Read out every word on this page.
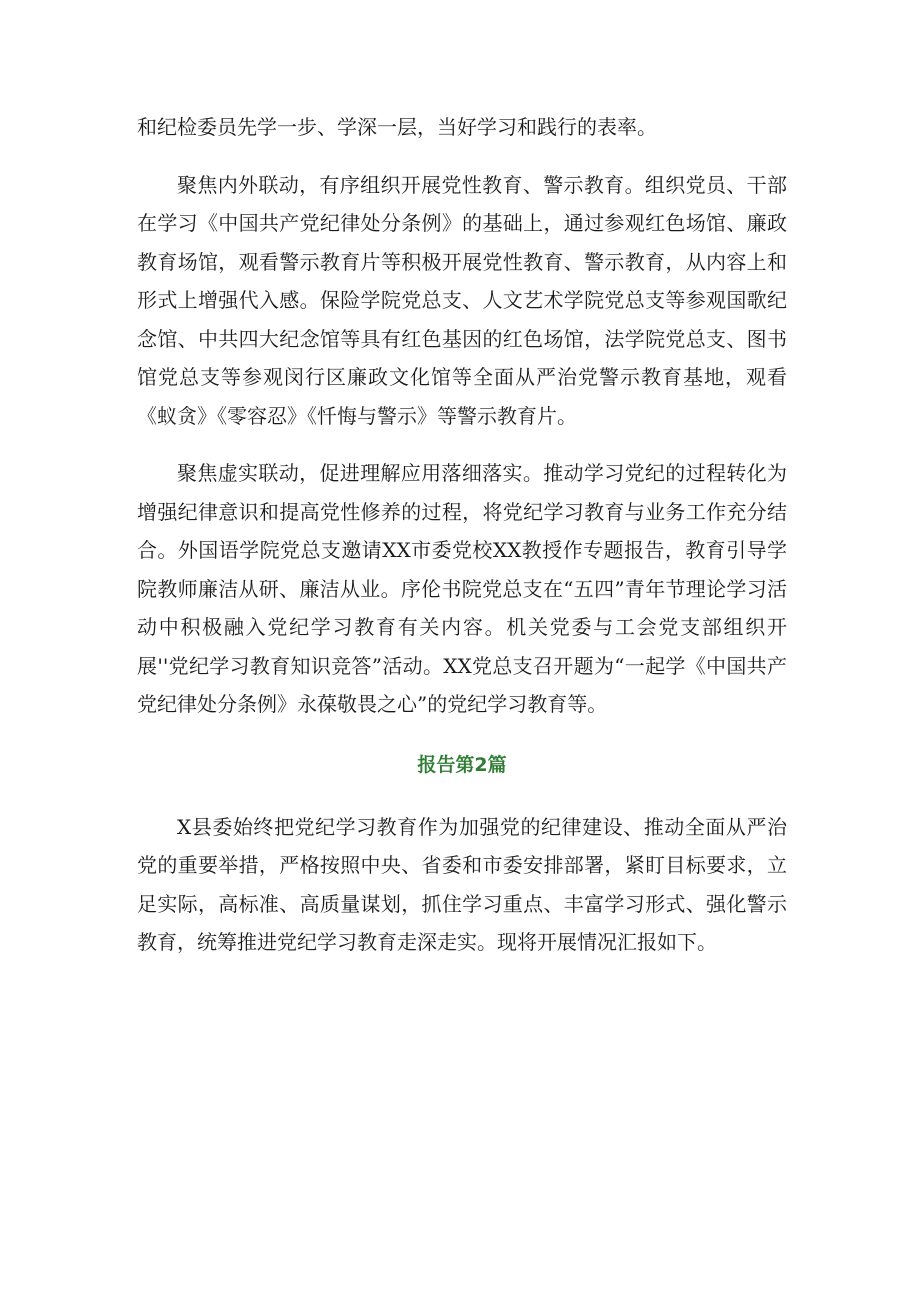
和纪检委员先学一步、学深一层，当好学习和践行的表率。

聚焦内外联动，有序组织开展党性教育、警示教育。组织党员、干部在学习《中国共产党纪律处分条例》的基础上，通过参观红色场馆、廉政教育场馆，观看警示教育片等积极开展党性教育、警示教育，从内容上和形式上增强代入感。保险学院党总支、人文艺术学院党总支等参观国歌纪念馆、中共四大纪念馆等具有红色基因的红色场馆，法学院党总支、图书馆党总支等参观闵行区廉政文化馆等全面从严治党警示教育基地，观看《蚁贪》《零容忍》《忏悔与警示》等警示教育片。

聚焦虚实联动，促进理解应用落细落实。推动学习党纪的过程转化为增强纪律意识和提高党性修养的过程，将党纪学习教育与业务工作充分结合。外国语学院党总支邀请XX市委党校XX教授作专题报告，教育引导学院教师廉洁从研、廉洁从业。序伦书院党总支在“五四”青年节理论学习活动中积极融入党纪学习教育有关内容。机关党委与工会党支部组织开展''党纪学习教育知识竞答”活动。XX党总支召开题为“一起学《中国共产党纪律处分条例》永葆敬畏之心”的党纪学习教育等。

报告第2篇

X县委始终把党纪学习教育作为加强党的纪律建设、推动全面从严治党的重要举措，严格按照中央、省委和市委安排部署，紧盯目标要求，立足实际，高标准、高质量谋划，抓住学习重点、丰富学习形式、强化警示教育，统筹推进党纪学习教育走深走实。现将开展情况汇报如下。
